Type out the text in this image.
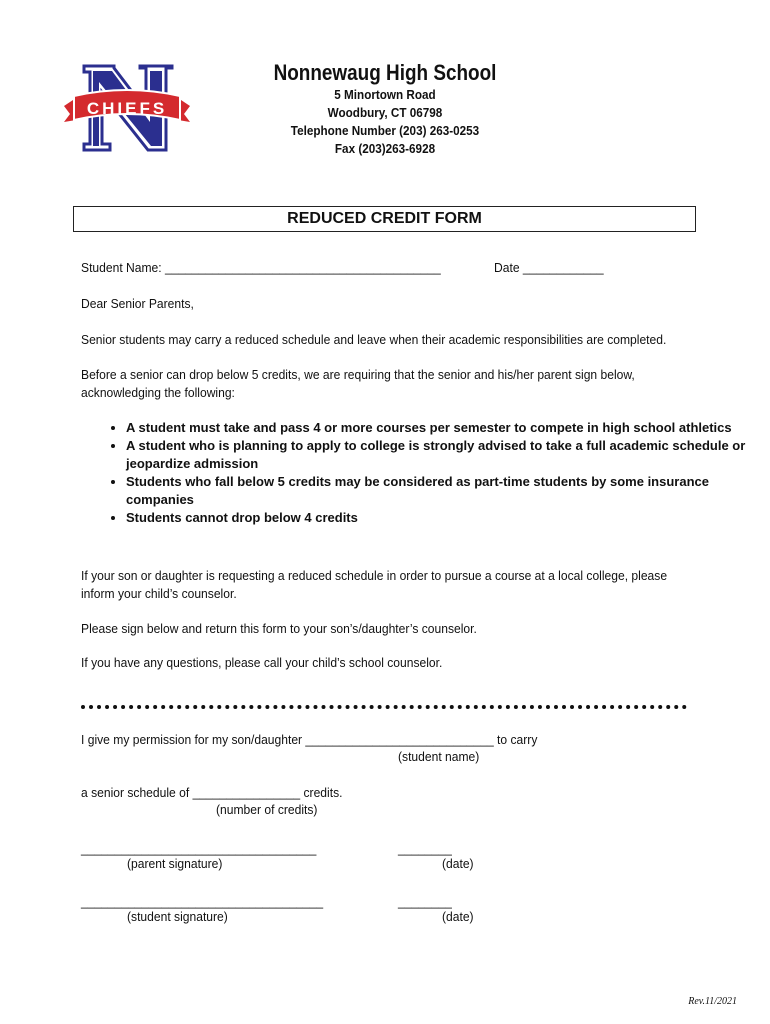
CHIEFS
Nonnewaug High School
5 Minortown Road
Woodbury, CT 06798
Telephone Number (203) 263-0253
Fax (203)263-6928
REDUCED CREDIT FORM
Student Name: _________________________________________	Date ____________
Dear Senior Parents,
Senior students may carry a reduced schedule and leave when their academic responsibilities are completed.
Before a senior can drop below 5 credits, we are requiring that the senior and his/her parent sign below, acknowledging the following:
• A student must take and pass 4 or more courses per semester to compete in high school athletics
• A student who is planning to apply to college is strongly advised to take a full academic schedule or jeopardize admission
• Students who fall below 5 credits may be considered as part-time students by some insurance companies
• Students cannot drop below 4 credits
If your son or daughter is requesting a reduced schedule in order to pursue a course at a local college, please inform your child’s counselor.
Please sign below and return this form to your son’s/daughter’s counselor.
If you have any questions, please call your child’s school counselor.
I give my permission for my son/daughter ____________________________ to carry
(student name)
a senior schedule of ________________ credits.
(number of credits)
___________________________________	________
(parent signature)	(date)
____________________________________	________
(student signature)	(date)
Rev.11/2021
